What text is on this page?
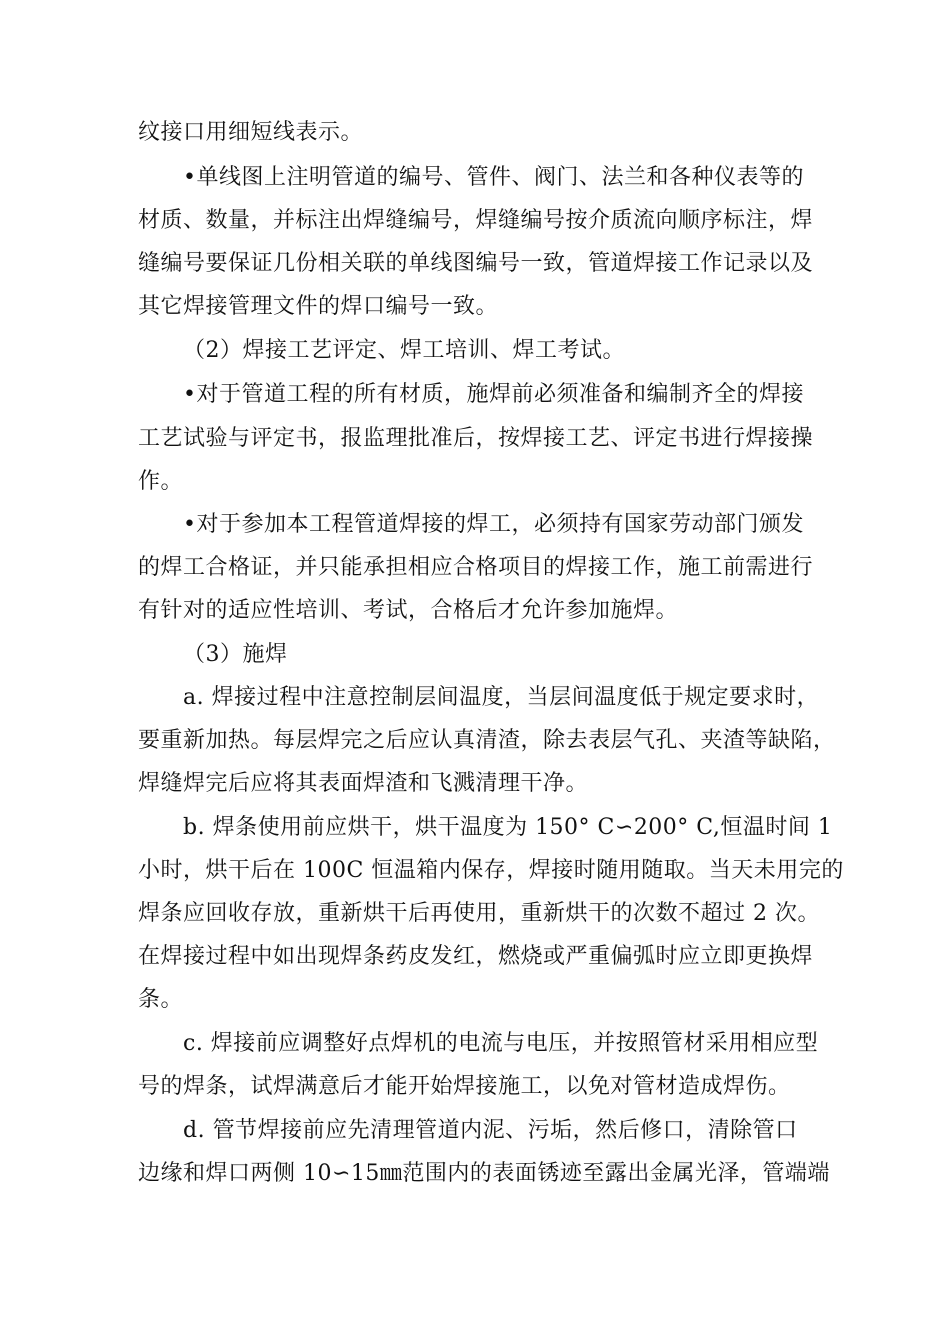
纹接口用细短线表示。
•单线图上注明管道的编号、管件、阀门、法兰和各种仪表等的
材质、数量，并标注出焊缝编号，焊缝编号按介质流向顺序标注，焊
缝编号要保证几份相关联的单线图编号一致，管道焊接工作记录以及
其它焊接管理文件的焊口编号一致。
（2）焊接工艺评定、焊工培训、焊工考试。
•对于管道工程的所有材质，施焊前必须准备和编制齐全的焊接
工艺试验与评定书，报监理批准后，按焊接工艺、评定书进行焊接操
作。
•对于参加本工程管道焊接的焊工，必须持有国家劳动部门颁发
的焊工合格证，并只能承担相应合格项目的焊接工作，施工前需进行
有针对的适应性培训、考试，合格后才允许参加施焊。
（3）施焊
a. 焊接过程中注意控制层间温度，当层间温度低于规定要求时，
要重新加热。每层焊完之后应认真清渣，除去表层气孔、夹渣等缺陷，
焊缝焊完后应将其表面焊渣和飞溅清理干净。
b. 焊条使用前应烘干，烘干温度为 150° C∽200° C,恒温时间 1
小时，烘干后在 100C 恒温箱内保存，焊接时随用随取。当天未用完的
焊条应回收存放，重新烘干后再使用，重新烘干的次数不超过 2 次。
在焊接过程中如出现焊条药皮发红，燃烧或严重偏弧时应立即更换焊
条。
c. 焊接前应调整好点焊机的电流与电压，并按照管材采用相应型
号的焊条，试焊满意后才能开始焊接施工，以免对管材造成焊伤。
d. 管节焊接前应先清理管道内泥、污垢，然后修口，清除管口
边缘和焊口两侧 10∽15㎜范围内的表面锈迹至露出金属光泽，管端端
